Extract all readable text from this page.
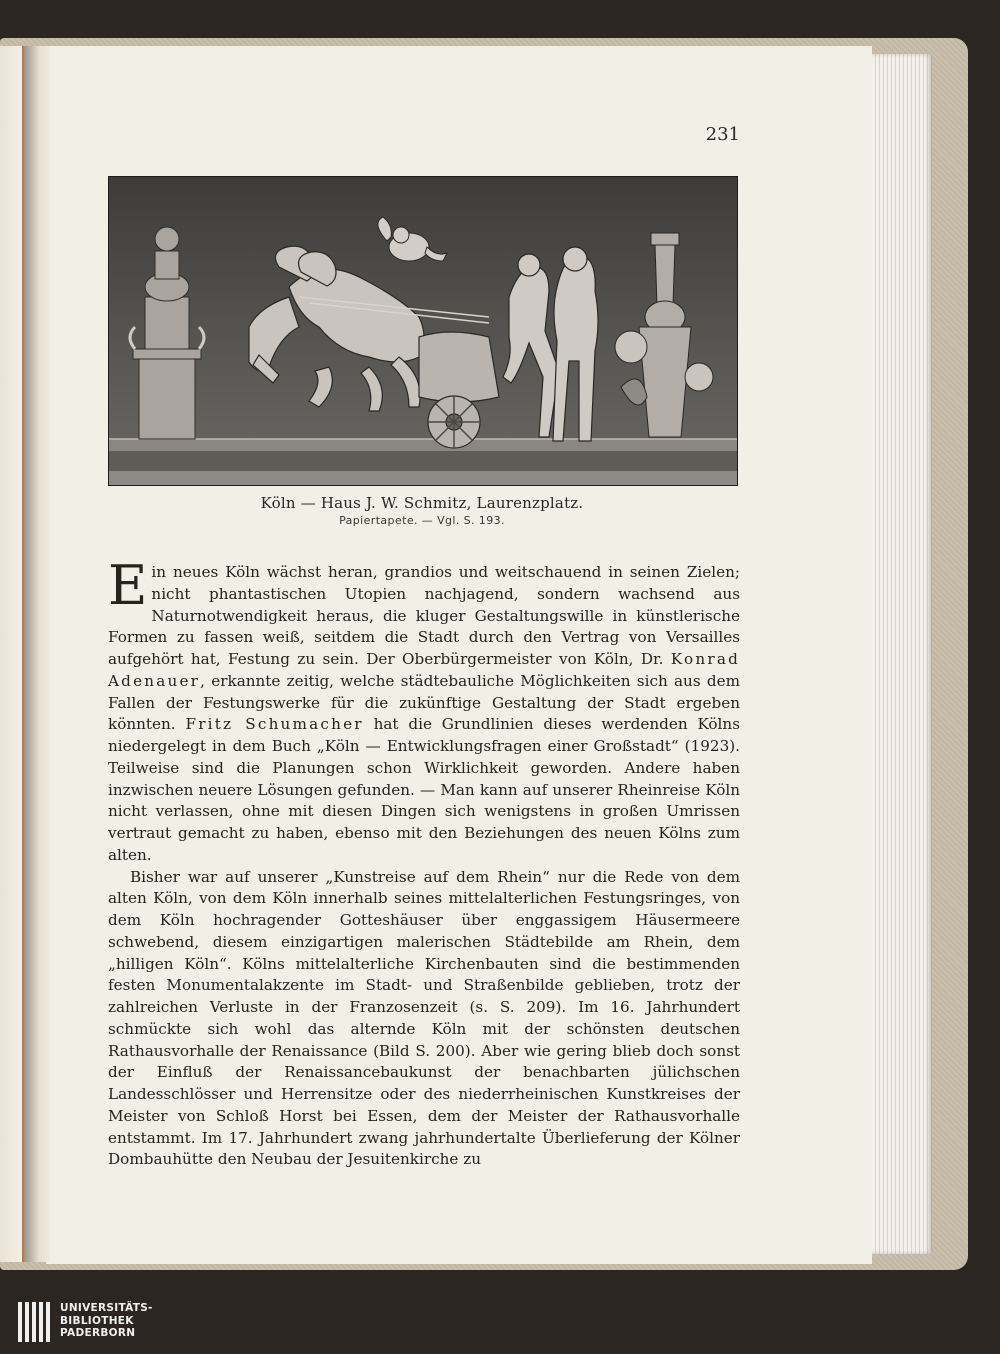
231
Köln — Haus J. W. Schmitz, Laurenzplatz.
Papiertapete. — Vgl. S. 193.

Ein neues Köln wächst heran, grandios und weitschauend in seinen Zielen; nicht phantastischen Utopien nachjagend, sondern wachsend aus Naturnotwendigkeit heraus, die kluger Gestaltungswille in künstlerische Formen zu fassen weiß, seitdem die Stadt durch den Vertrag von Versailles aufgehört hat, Festung zu sein. Der Oberbürgermeister von Köln, Dr. Konrad Adenauer, erkannte zeitig, welche städtebauliche Möglichkeiten sich aus dem Fallen der Festungswerke für die zukünftige Gestaltung der Stadt ergeben könnten. Fritz Schumacher hat die Grundlinien dieses werdenden Kölns niedergelegt in dem Buch „Köln — Entwicklungsfragen einer Großstadt“ (1923). Teilweise sind die Planungen schon Wirklichkeit geworden. Andere haben inzwischen neuere Lösungen gefunden. — Man kann auf unserer Rheinreise Köln nicht verlassen, ohne mit diesen Dingen sich wenigstens in großen Umrissen vertraut gemacht zu haben, ebenso mit den Beziehungen des neuen Kölns zum alten.

Bisher war auf unserer „Kunstreise auf dem Rhein“ nur die Rede von dem alten Köln, von dem Köln innerhalb seines mittelalterlichen Festungsringes, von dem Köln hochragender Gotteshäuser über enggassigem Häusermeere schwebend, diesem einzigartigen malerischen Städtebilde am Rhein, dem „hilligen Köln“. Kölns mittelalterliche Kirchenbauten sind die bestimmenden festen Monumentalakzente im Stadt- und Straßenbilde geblieben, trotz der zahlreichen Verluste in der Franzosenzeit (s. S. 209). Im 16. Jahrhundert schmückte sich wohl das alternde Köln mit der schönsten deutschen Rathausvorhalle der Renaissance (Bild S. 200). Aber wie gering blieb doch sonst der Einfluß der Renaissancebaukunst der benachbarten jülichschen Landesschlösser und Herrensitze oder des niederrheinischen Kunstkreises der Meister von Schloß Horst bei Essen, dem der Meister der Rathausvorhalle entstammt. Im 17. Jahrhundert zwang jahrhundertalte Überlieferung der Kölner Dombauhütte den Neubau der Jesuitenkirche zu

UNIVERSITÄTS-
BIBLIOTHEK
PADERBORN
